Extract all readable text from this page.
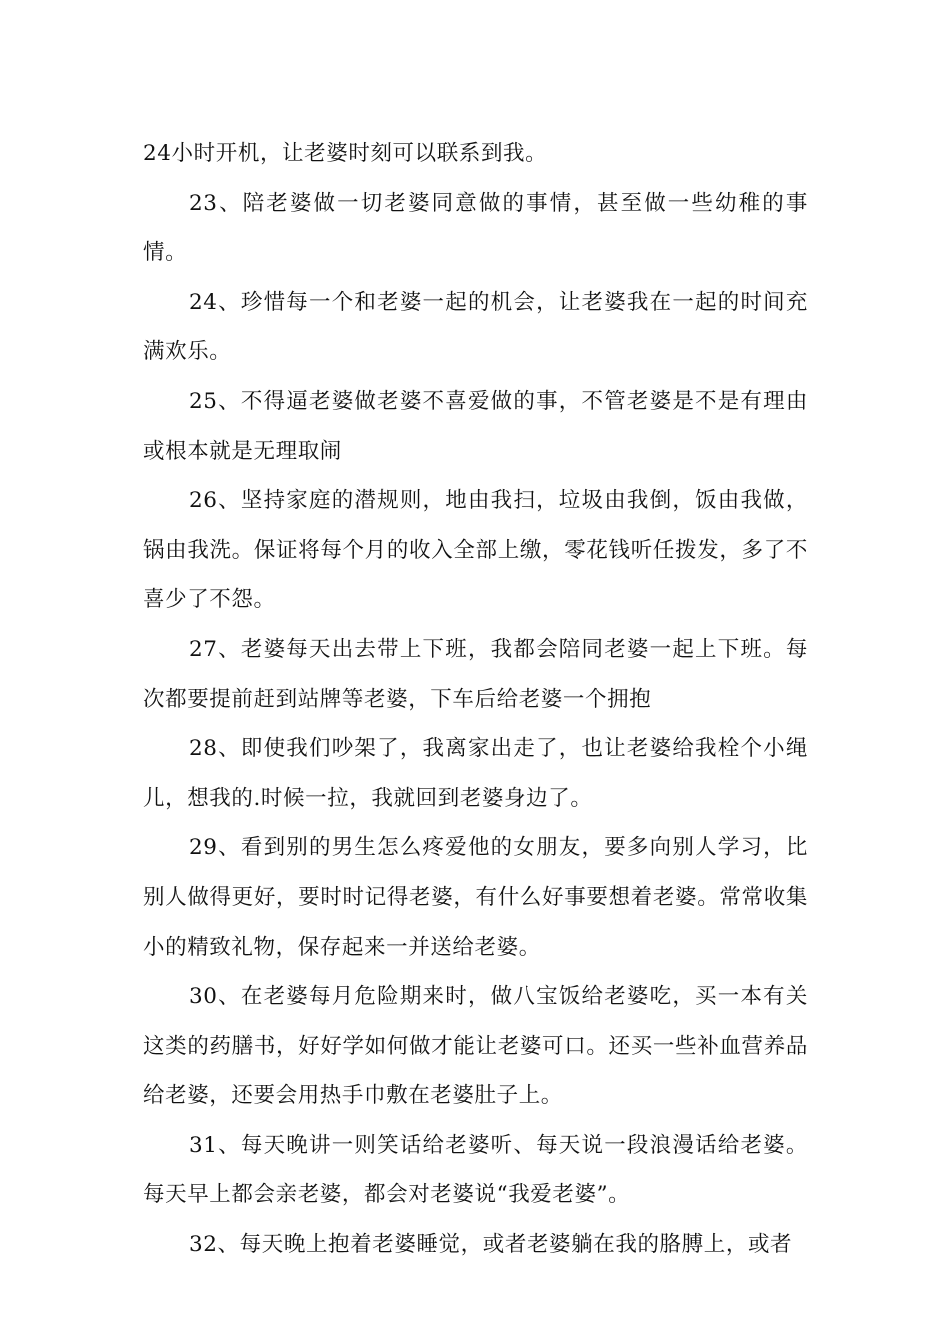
24小时开机，让老婆时刻可以联系到我。

23、陪老婆做一切老婆同意做的事情，甚至做一些幼稚的事情。

24、珍惜每一个和老婆一起的机会，让老婆我在一起的时间充满欢乐。

25、不得逼老婆做老婆不喜爱做的事，不管老婆是不是有理由或根本就是无理取闹

26、坚持家庭的潜规则，地由我扫，垃圾由我倒，饭由我做，锅由我洗。保证将每个月的收入全部上缴，零花钱听任拨发，多了不喜少了不怨。

27、老婆每天出去带上下班，我都会陪同老婆一起上下班。每次都要提前赶到站牌等老婆，下车后给老婆一个拥抱

28、即使我们吵架了，我离家出走了，也让老婆给我栓个小绳儿，想我的.时候一拉，我就回到老婆身边了。

29、看到别的男生怎么疼爱他的女朋友，要多向别人学习，比别人做得更好，要时时记得老婆，有什么好事要想着老婆。常常收集小的精致礼物，保存起来一并送给老婆。

30、在老婆每月危险期来时，做八宝饭给老婆吃，买一本有关这类的药膳书，好好学如何做才能让老婆可口。还买一些补血营养品给老婆，还要会用热手巾敷在老婆肚子上。

31、每天晚讲一则笑话给老婆听、每天说一段浪漫话给老婆。每天早上都会亲老婆，都会对老婆说“我爱老婆”。

32、每天晚上抱着老婆睡觉，或者老婆躺在我的胳膊上，或者
